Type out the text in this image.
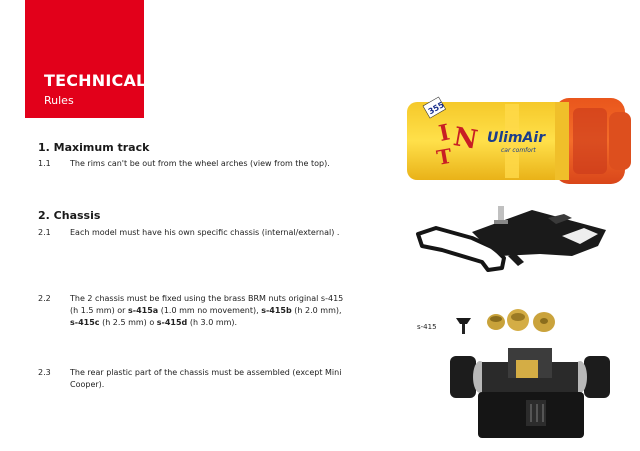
TECHNICAL
Rules
1. Maximum track
1.1 The rims can't be out from the wheel arches (view from the top).
2. Chassis
2.1 Each model must have his own specific chassis (internal/external) .
2.2 The 2 chassis must be fixed using the brass BRM nuts original s-415
(h 1.5 mm) or s-415a (1.0 mm no movement), s-415b (h 2.0 mm),
s-415c (h 2.5 mm) o s-415d (h 3.0 mm).
2.3 The rear plastic part of the chassis must be assembled (except Mini
Cooper).
355
I N
T
UlimAir
car comfort
s-415
